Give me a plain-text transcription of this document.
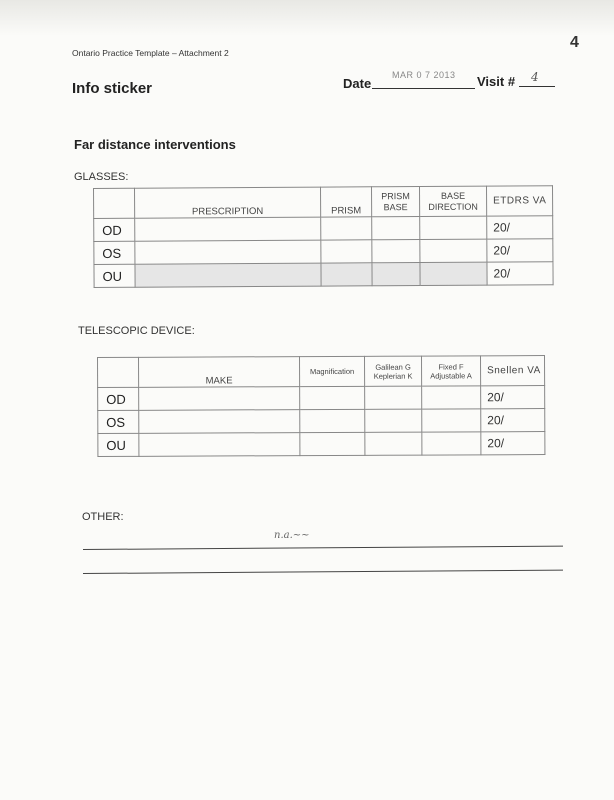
4
Ontario Practice Template – Attachment 2
Info sticker	Date
MAR 0 7 2013 Visit # 4
Far distance interventions
GLASSES:
	PRESCRIPTION	PRISM	PRISM BASE	BASE DIRECTION	ETDRS VA
OD					20/
OS					20/
OU					20/
TELESCOPIC DEVICE:
	MAKE	Magnification	Galilean G Keplerian K	Fixed F Adjustable A	Snellen VA
OD					20/
OS					20/
OU					20/
OTHER:
n.a.~~
